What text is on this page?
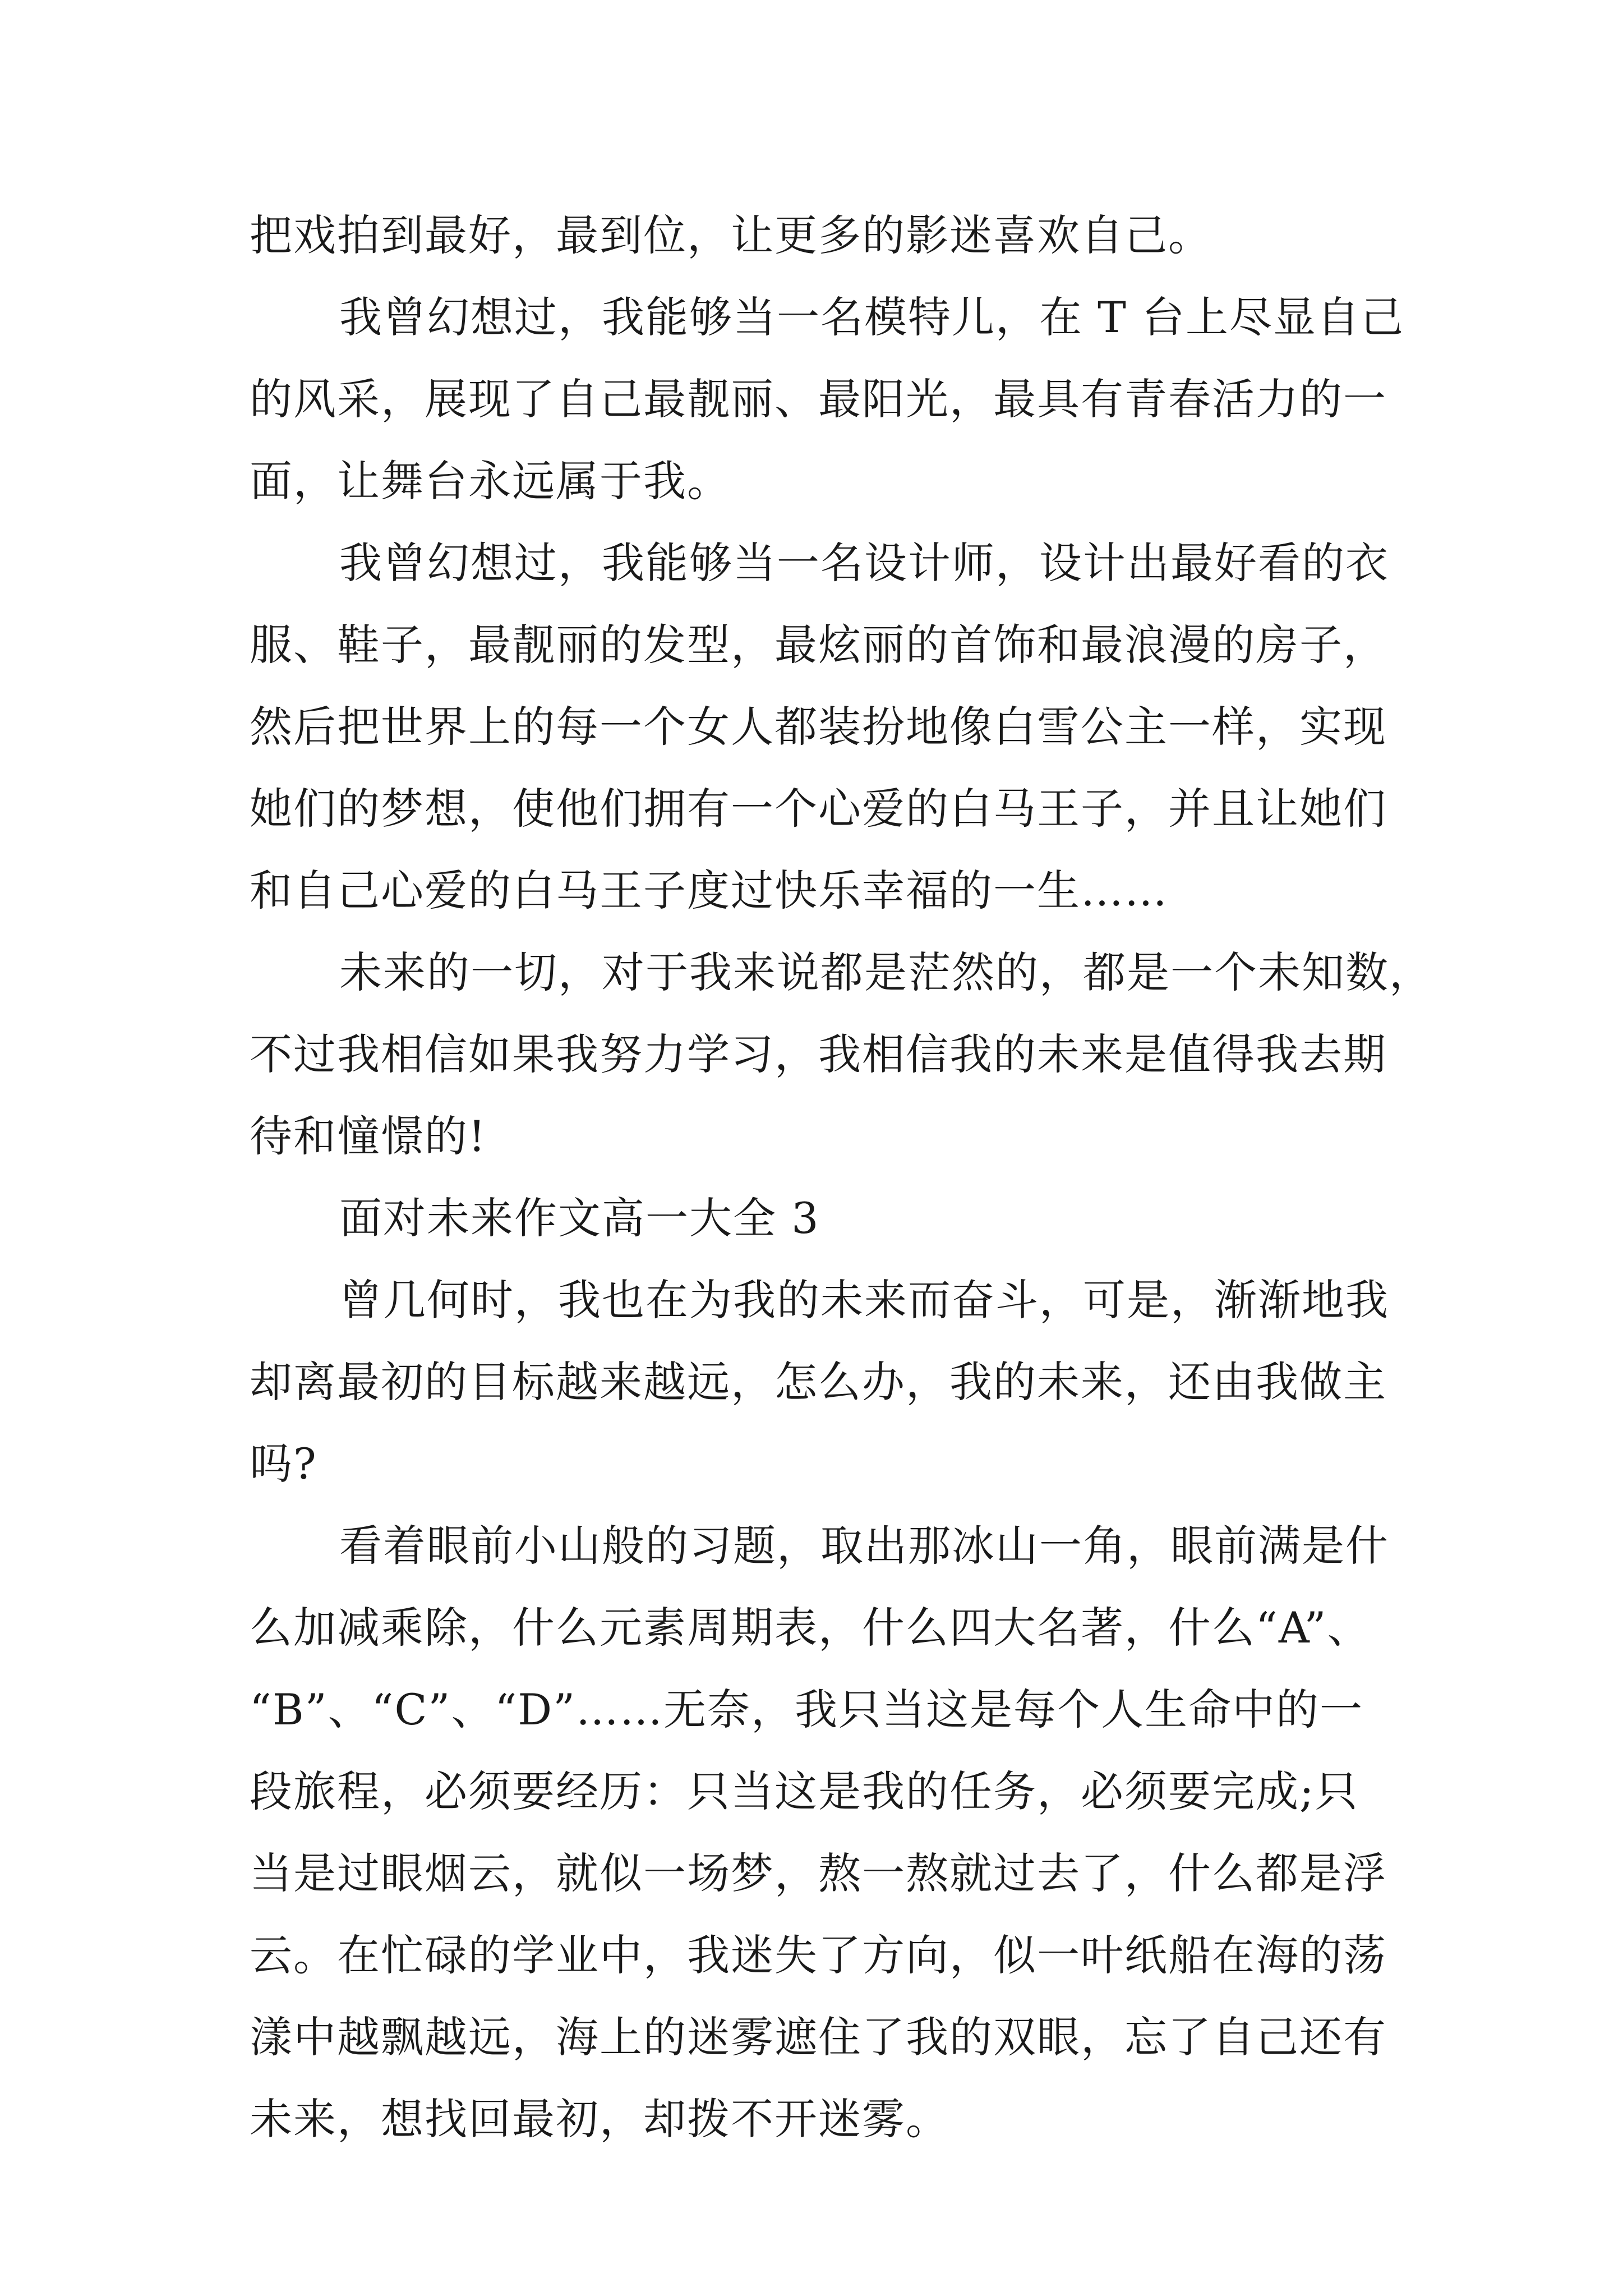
把戏拍到最好，最到位，让更多的影迷喜欢自己。
我曾幻想过，我能够当一名模特儿，在 T 台上尽显自己
的风采，展现了自己最靓丽、最阳光，最具有青春活力的一
面，让舞台永远属于我。
我曾幻想过，我能够当一名设计师，设计出最好看的衣
服、鞋子，最靓丽的发型，最炫丽的首饰和最浪漫的房子，
然后把世界上的每一个女人都装扮地像白雪公主一样，实现
她们的梦想，使他们拥有一个心爱的白马王子，并且让她们
和自己心爱的白马王子度过快乐幸福的一生……
未来的一切，对于我来说都是茫然的，都是一个未知数，
不过我相信如果我努力学习，我相信我的未来是值得我去期
待和憧憬的!
面对未来作文高一大全 3
曾几何时，我也在为我的未来而奋斗，可是，渐渐地我
却离最初的目标越来越远，怎么办，我的未来，还由我做主
吗?
看着眼前小山般的习题，取出那冰山一角，眼前满是什
么加减乘除，什么元素周期表，什么四大名著，什么“A”、
“B”、“C”、“D”……无奈，我只当这是每个人生命中的一
段旅程，必须要经历：只当这是我的任务，必须要完成;只
当是过眼烟云，就似一场梦，熬一熬就过去了，什么都是浮
云。在忙碌的学业中，我迷失了方向，似一叶纸船在海的荡
漾中越飘越远，海上的迷雾遮住了我的双眼，忘了自己还有
未来，想找回最初，却拨不开迷雾。
